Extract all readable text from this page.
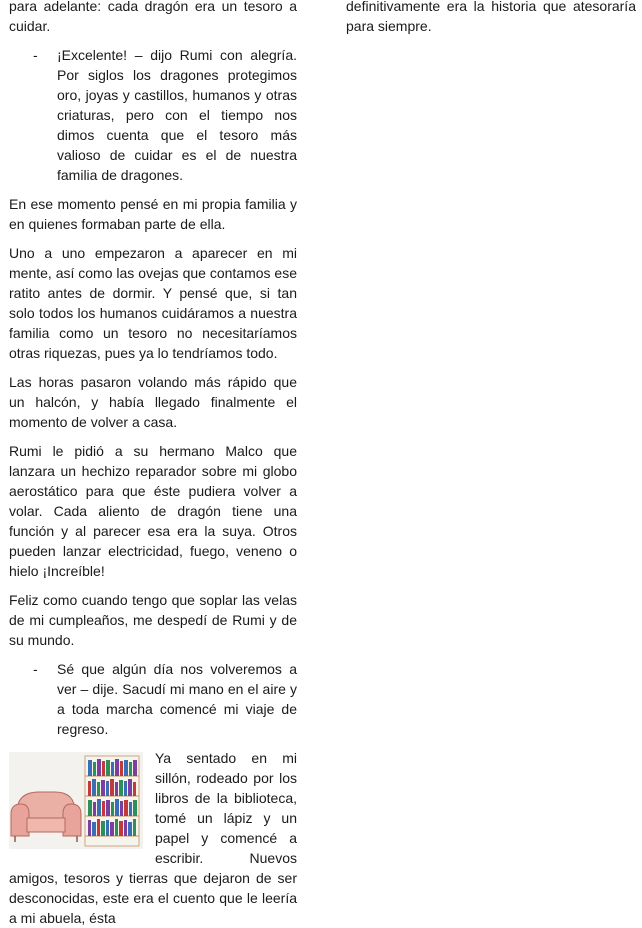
para adelante: cada dragón era un tesoro a cuidar.

- ¡Excelente! – dijo Rumi con alegría. Por siglos los dragones protegimos oro, joyas y castillos, humanos y otras criaturas, pero con el tiempo nos dimos cuenta que el tesoro más valioso de cuidar es el de nuestra familia de dragones.

En ese momento pensé en mi propia familia y en quienes formaban parte de ella.

Uno a uno empezaron a aparecer en mi mente, así como las ovejas que contamos ese ratito antes de dormir. Y pensé que, si tan solo todos los humanos cuidáramos a nuestra familia como un tesoro no necesitaríamos otras riquezas, pues ya lo tendríamos todo.

Las horas pasaron volando más rápido que un halcón, y había llegado finalmente el momento de volver a casa.

Rumi le pidió a su hermano Malco que lanzara un hechizo reparador sobre mi globo aerostático para que éste pudiera volver a volar. Cada aliento de dragón tiene una función y al parecer esa era la suya. Otros pueden lanzar electricidad, fuego, veneno o hielo ¡Increíble!

Feliz como cuando tengo que soplar las velas de mi cumpleaños, me despedí de Rumi y de su mundo.

- Sé que algún día nos volveremos a ver – dije. Sacudí mi mano en el aire y a toda marcha comencé mi viaje de regreso.
Ya sentado en mi sillón, rodeado por los libros de la biblioteca, tomé un lápiz y un papel y comencé a escribir. Nuevos amigos, tesoros y tierras que dejaron de ser desconocidas, este era el cuento que le leería a mi abuela, ésta

definitivamente era la historia que atesoraría para siempre.
